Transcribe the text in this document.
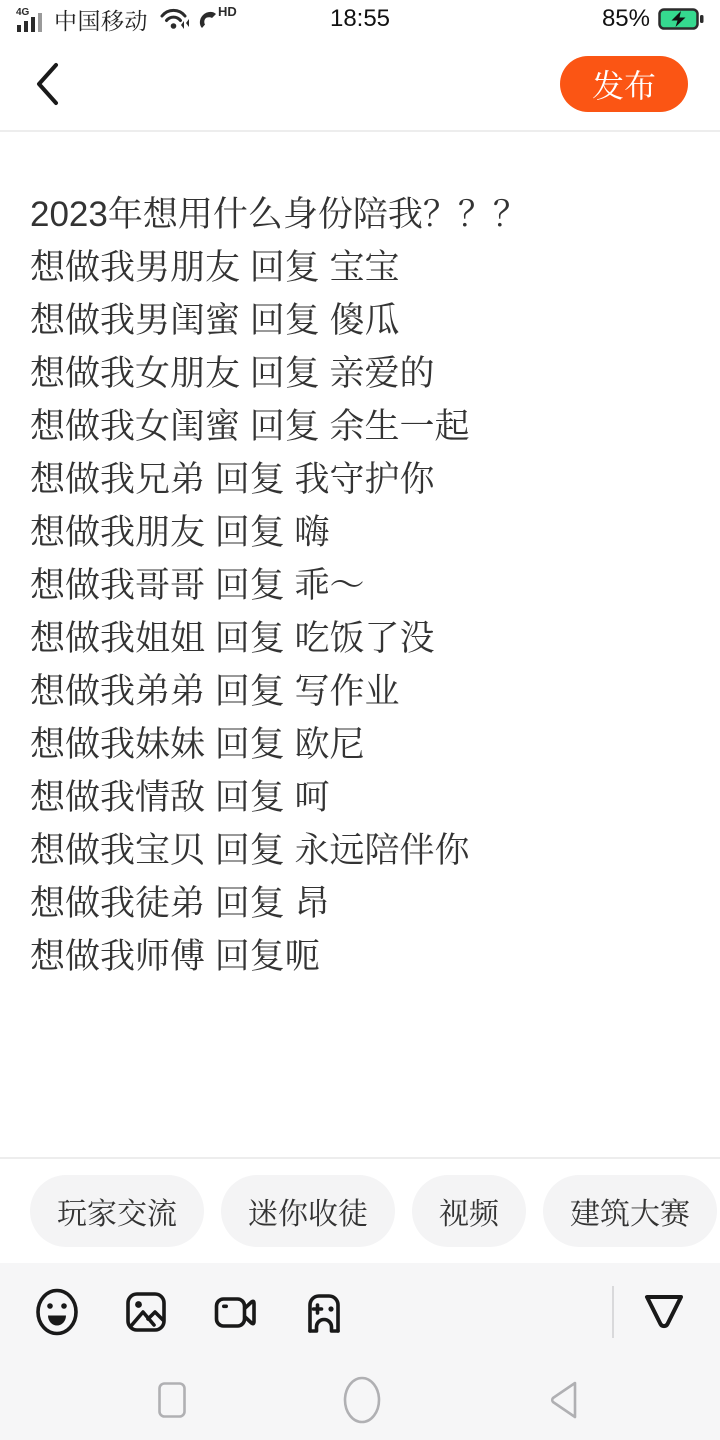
4G 中国移动	HD	18:55	85%
发布
2023年想用什么身份陪我？？？
想做我男朋友 回复 宝宝
想做我男闺蜜 回复 傻瓜
想做我女朋友 回复 亲爱的
想做我女闺蜜 回复 余生一起
想做我兄弟 回复 我守护你
想做我朋友 回复 嗨
想做我哥哥 回复 乖～
想做我姐姐 回复 吃饭了没
想做我弟弟 回复 写作业
想做我妹妹 回复 欧尼
想做我情敌 回复 呵
想做我宝贝 回复 永远陪伴你
想做我徒弟 回复 昂
想做我师傅 回复呃
玩家交流	迷你收徒	视频	建筑大赛
